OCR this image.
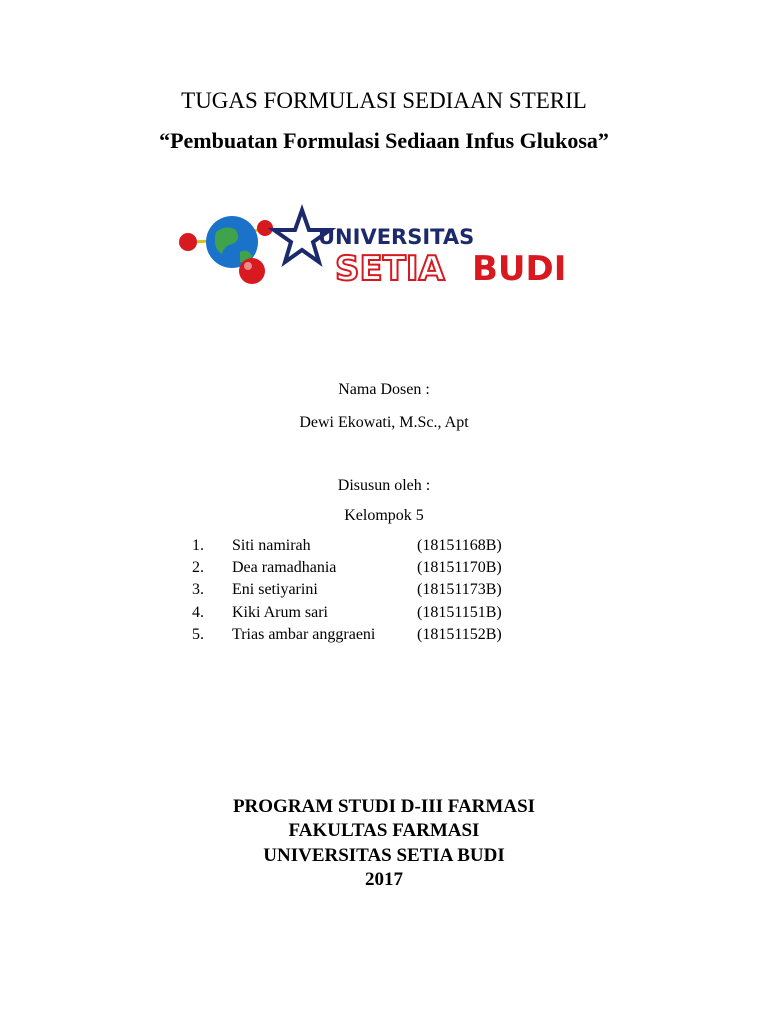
TUGAS FORMULASI SEDIAAN STERIL
“Pembuatan Formulasi Sediaan Infus Glukosa”
UNIVERSITAS
SETIA BUDI
Nama Dosen :
Dewi Ekowati, M.Sc., Apt
Disusun oleh :
Kelompok 5
1. Siti namirah	(18151168B)
2. Dea ramadhania	(18151170B)
3. Eni setiyarini	(18151173B)
4. Kiki Arum sari	(18151151B)
5. Trias ambar anggraeni	(18151152B)
PROGRAM STUDI D-III FARMASI
FAKULTAS FARMASI
UNIVERSITAS SETIA BUDI
2017
